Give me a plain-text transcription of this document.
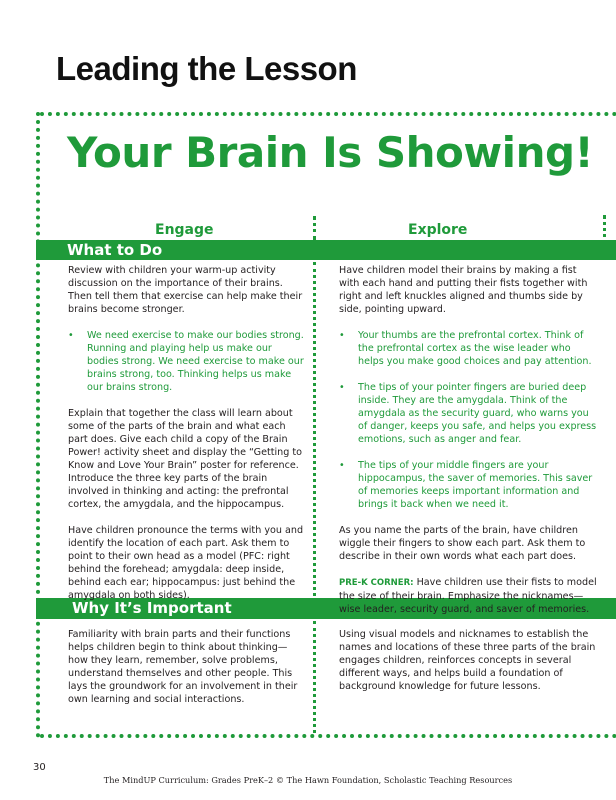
Leading the Lesson
Your Brain Is Showing!
Engage	Explore
What to Do
Why It’s Important

Review with children your warm-up activity discussion on the importance of their brains. Then tell them that exercise can help make their brains become stronger.

• We need exercise to make our bodies strong. Running and playing help us make our bodies strong. We need exercise to make our brains strong, too. Thinking helps us make our brains strong.

Explain that together the class will learn about some of the parts of the brain and what each part does. Give each child a copy of the Brain Power! activity sheet and display the “Getting to Know and Love Your Brain” poster for reference. Introduce the three key parts of the brain involved in thinking and acting: the prefrontal cortex, the amygdala, and the hippocampus.

Have children pronounce the terms with you and identify the location of each part. Ask them to point to their own head as a model (PFC: right behind the forehead; amygdala: deep inside, behind each ear; hippocampus: just behind the amygdala on both sides).

Have children model their brains by making a fist with each hand and putting their fists together with right and left knuckles aligned and thumbs side by side, pointing upward.

• Your thumbs are the prefrontal cortex. Think of the prefrontal cortex as the wise leader who helps you make good choices and pay attention.
• The tips of your pointer fingers are buried deep inside. They are the amygdala. Think of the amygdala as the security guard, who warns you of danger, keeps you safe, and helps you express emotions, such as anger and fear.
• The tips of your middle fingers are your hippocampus, the saver of memories. This saver of memories keeps important information and brings it back when we need it.

As you name the parts of the brain, have children wiggle their fingers to show each part. Ask them to describe in their own words what each part does.

PRE-K CORNER: Have children use their fists to model the size of their brain. Emphasize the nicknames—wise leader, security guard, and saver of memories.

Familiarity with brain parts and their functions helps children begin to think about thinking—how they learn, remember, solve problems, understand themselves and other people. This lays the groundwork for an involvement in their own learning and social interactions.

Using visual models and nicknames to establish the names and locations of these three parts of the brain engages children, reinforces concepts in several different ways, and helps build a foundation of background knowledge for future lessons.

30
The MindUP Curriculum: Grades PreK–2 © The Hawn Foundation, Scholastic Teaching Resources
